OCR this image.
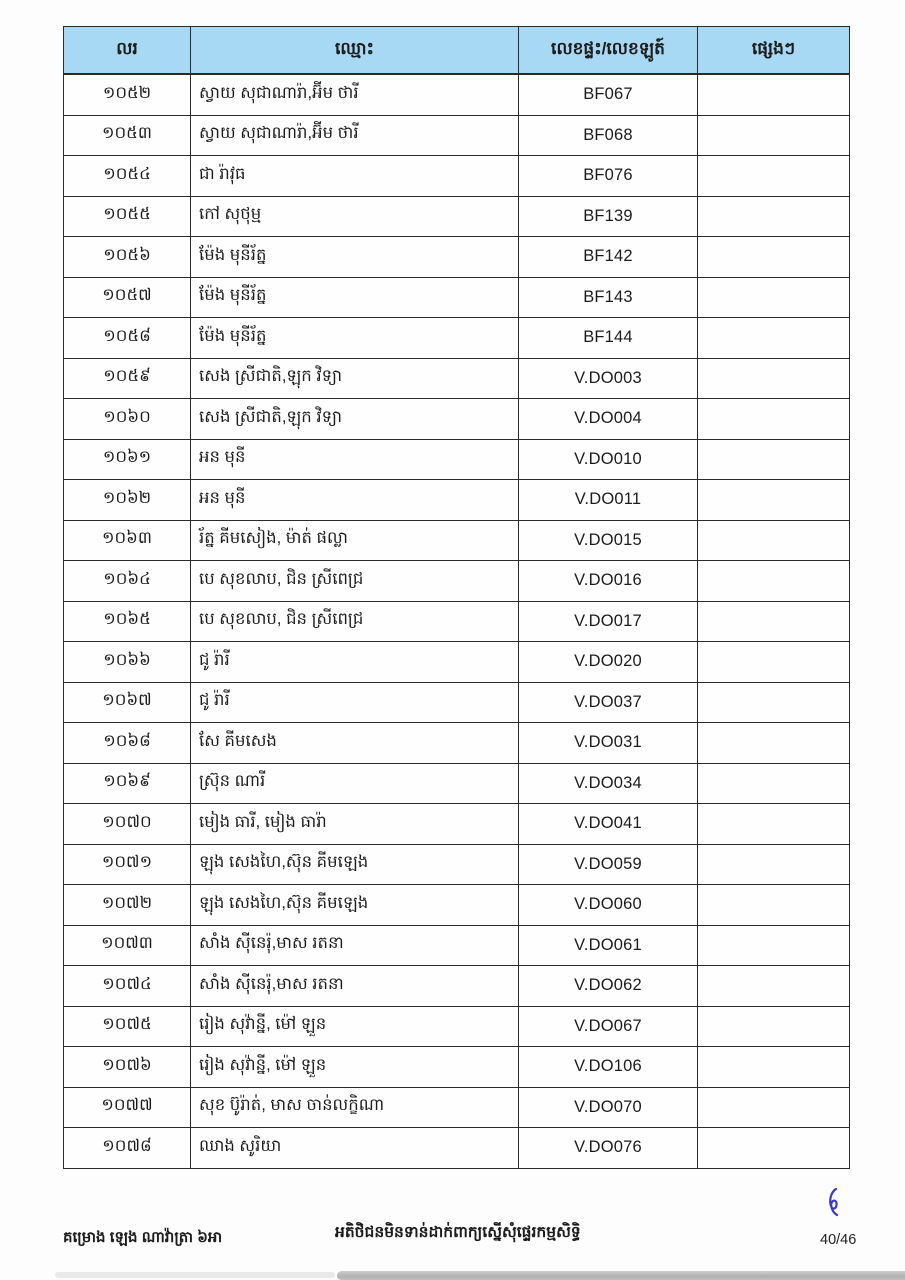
លរ	ឈ្មោះ	លេខផ្ទះ/លេខឡូត៍	ផ្សេងៗ
១០៥២	ស្វាយ សុជាណារ៉ា,អ៊ីម ថារី	BF067	
១០៥៣	ស្វាយ សុជាណារ៉ា,អ៊ីម ថារី	BF068	
១០៥៤	ជា រ៉ាវុធ	BF076	
១០៥៥	កៅ សុថុម្ម	BF139	
១០៥៦	ម៉ែង មុនីរ័ត្ន	BF142	
១០៥៧	ម៉ែង មុនីរ័ត្ន	BF143	
១០៥៨	ម៉ែង មុនីរ័ត្ន	BF144	
១០៥៩	សេង ស្រីជាតិ,ឡុក វិទ្យា	V.DO003	
១០៦០	សេង ស្រីជាតិ,ឡុក វិទ្យា	V.DO004	
១០៦១	អន មុនី	V.DO010	
១០៦២	អន មុនី	V.DO011	
១០៦៣	រ័ត្ន គីមសៀង, ម៉ាត់ ផល្លា	V.DO015	
១០៦៤	បេ សុខលាប, ជិន ស្រីពេជ្រ	V.DO016	
១០៦៥	បេ សុខលាប, ជិន ស្រីពេជ្រ	V.DO017	
១០៦៦	ជូ រ៉ារី	V.DO020	
១០៦៧	ជូ រ៉ារី	V.DO037	
១០៦៨	សែ គីមសេង	V.DO031	
១០៦៩	ស្រ៊ុន ណារី	V.DO034	
១០៧០	មៀង ធារី, មៀង ធារ៉ា	V.DO041	
១០៧១	ឡុង សេងហៃ,ស៊ុន គីមឡេង	V.DO059	
១០៧២	ឡុង សេងហៃ,ស៊ុន គីមឡេង	V.DO060	
១០៧៣	សាំង ស៊ីនេរ៉ុ,មាស រតនា	V.DO061	
១០៧៤	សាំង ស៊ីនេរ៉ុ,មាស រតនា	V.DO062	
១០៧៥	រៀង សុវ៉ាន្នី, ម៉ៅ ឡួន	V.DO067	
១០៧៦	រៀង សុវ៉ាន្នី, ម៉ៅ ឡួន	V.DO106	
១០៧៧	សុខ ប៊ូរ៉ាត់, មាស ចាន់លក្ខិណា	V.DO070	
១០៧៨	ឈាង សូរិយា	V.DO076	
គម្រោង ឡេង ណាវ៉ាត្រា ៦អា	អតិថិជនមិនទាន់ដាក់ពាក្យស្នើសុំផ្ទេរកម្មសិទ្ធិ	40/46
